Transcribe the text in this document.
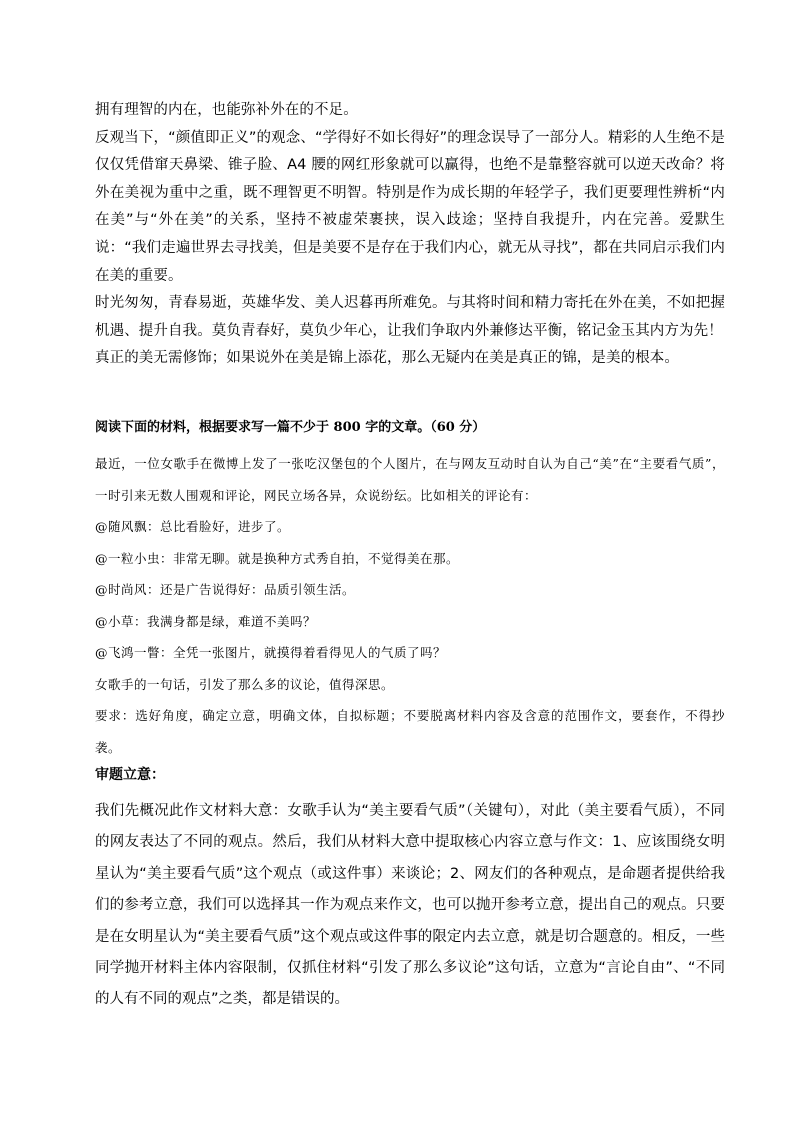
拥有理智的内在，也能弥补外在的不足。

反观当下，“颜值即正义”的观念、“学得好不如长得好”的理念误导了一部分人。精彩的人生绝不是仅仅凭借窜天鼻梁、锥子脸、A4 腰的网红形象就可以赢得，也绝不是靠整容就可以逆天改命？将外在美视为重中之重，既不理智更不明智。特别是作为成长期的年轻学子，我们更要理性辨析“内在美”与“外在美”的关系，坚持不被虚荣裹挟，误入歧途；坚持自我提升，内在完善。爱默生说：“我们走遍世界去寻找美，但是美要不是存在于我们内心，就无从寻找”，都在共同启示我们内在美的重要。

时光匆匆，青春易逝，英雄华发、美人迟暮再所难免。与其将时间和精力寄托在外在美，不如把握机遇、提升自我。莫负青春好，莫负少年心，让我们争取内外兼修达平衡，铭记金玉其内方为先！

真正的美无需修饰；如果说外在美是锦上添花，那么无疑内在美是真正的锦，是美的根本。

阅读下面的材料，根据要求写一篇不少于 800 字的文章。（60 分）

最近，一位女歌手在微博上发了一张吃汉堡包的个人图片，在与网友互动时自认为自己“美”在“主要看气质”，一时引来无数人围观和评论，网民立场各异，众说纷纭。比如相关的评论有：

@随风飘：总比看脸好，进步了。

@一粒小虫：非常无聊。就是换种方式秀自拍，不觉得美在那。

@时尚风：还是广告说得好：品质引领生活。

@小草：我满身都是绿，难道不美吗？

@飞鸿一瞥：全凭一张图片，就摸得着看得见人的气质了吗？

女歌手的一句话，引发了那么多的议论，值得深思。

要求：选好角度，确定立意，明确文体，自拟标题；不要脱离材料内容及含意的范围作文，要套作，不得抄袭。

审题立意：

我们先概况此作文材料大意：女歌手认为“美主要看气质”（关键句），对此（美主要看气质），不同的网友表达了不同的观点。然后，我们从材料大意中提取核心内容立意与作文：1、应该围绕女明星认为“美主要看气质”这个观点（或这件事）来谈论；2、网友们的各种观点，是命题者提供给我们的参考立意，我们可以选择其一作为观点来作文，也可以抛开参考立意，提出自己的观点。只要是在女明星认为“美主要看气质”这个观点或这件事的限定内去立意，就是切合题意的。相反，一些同学抛开材料主体内容限制，仅抓住材料“引发了那么多议论”这句话，立意为“言论自由”、“不同的人有不同的观点”之类，都是错误的。
